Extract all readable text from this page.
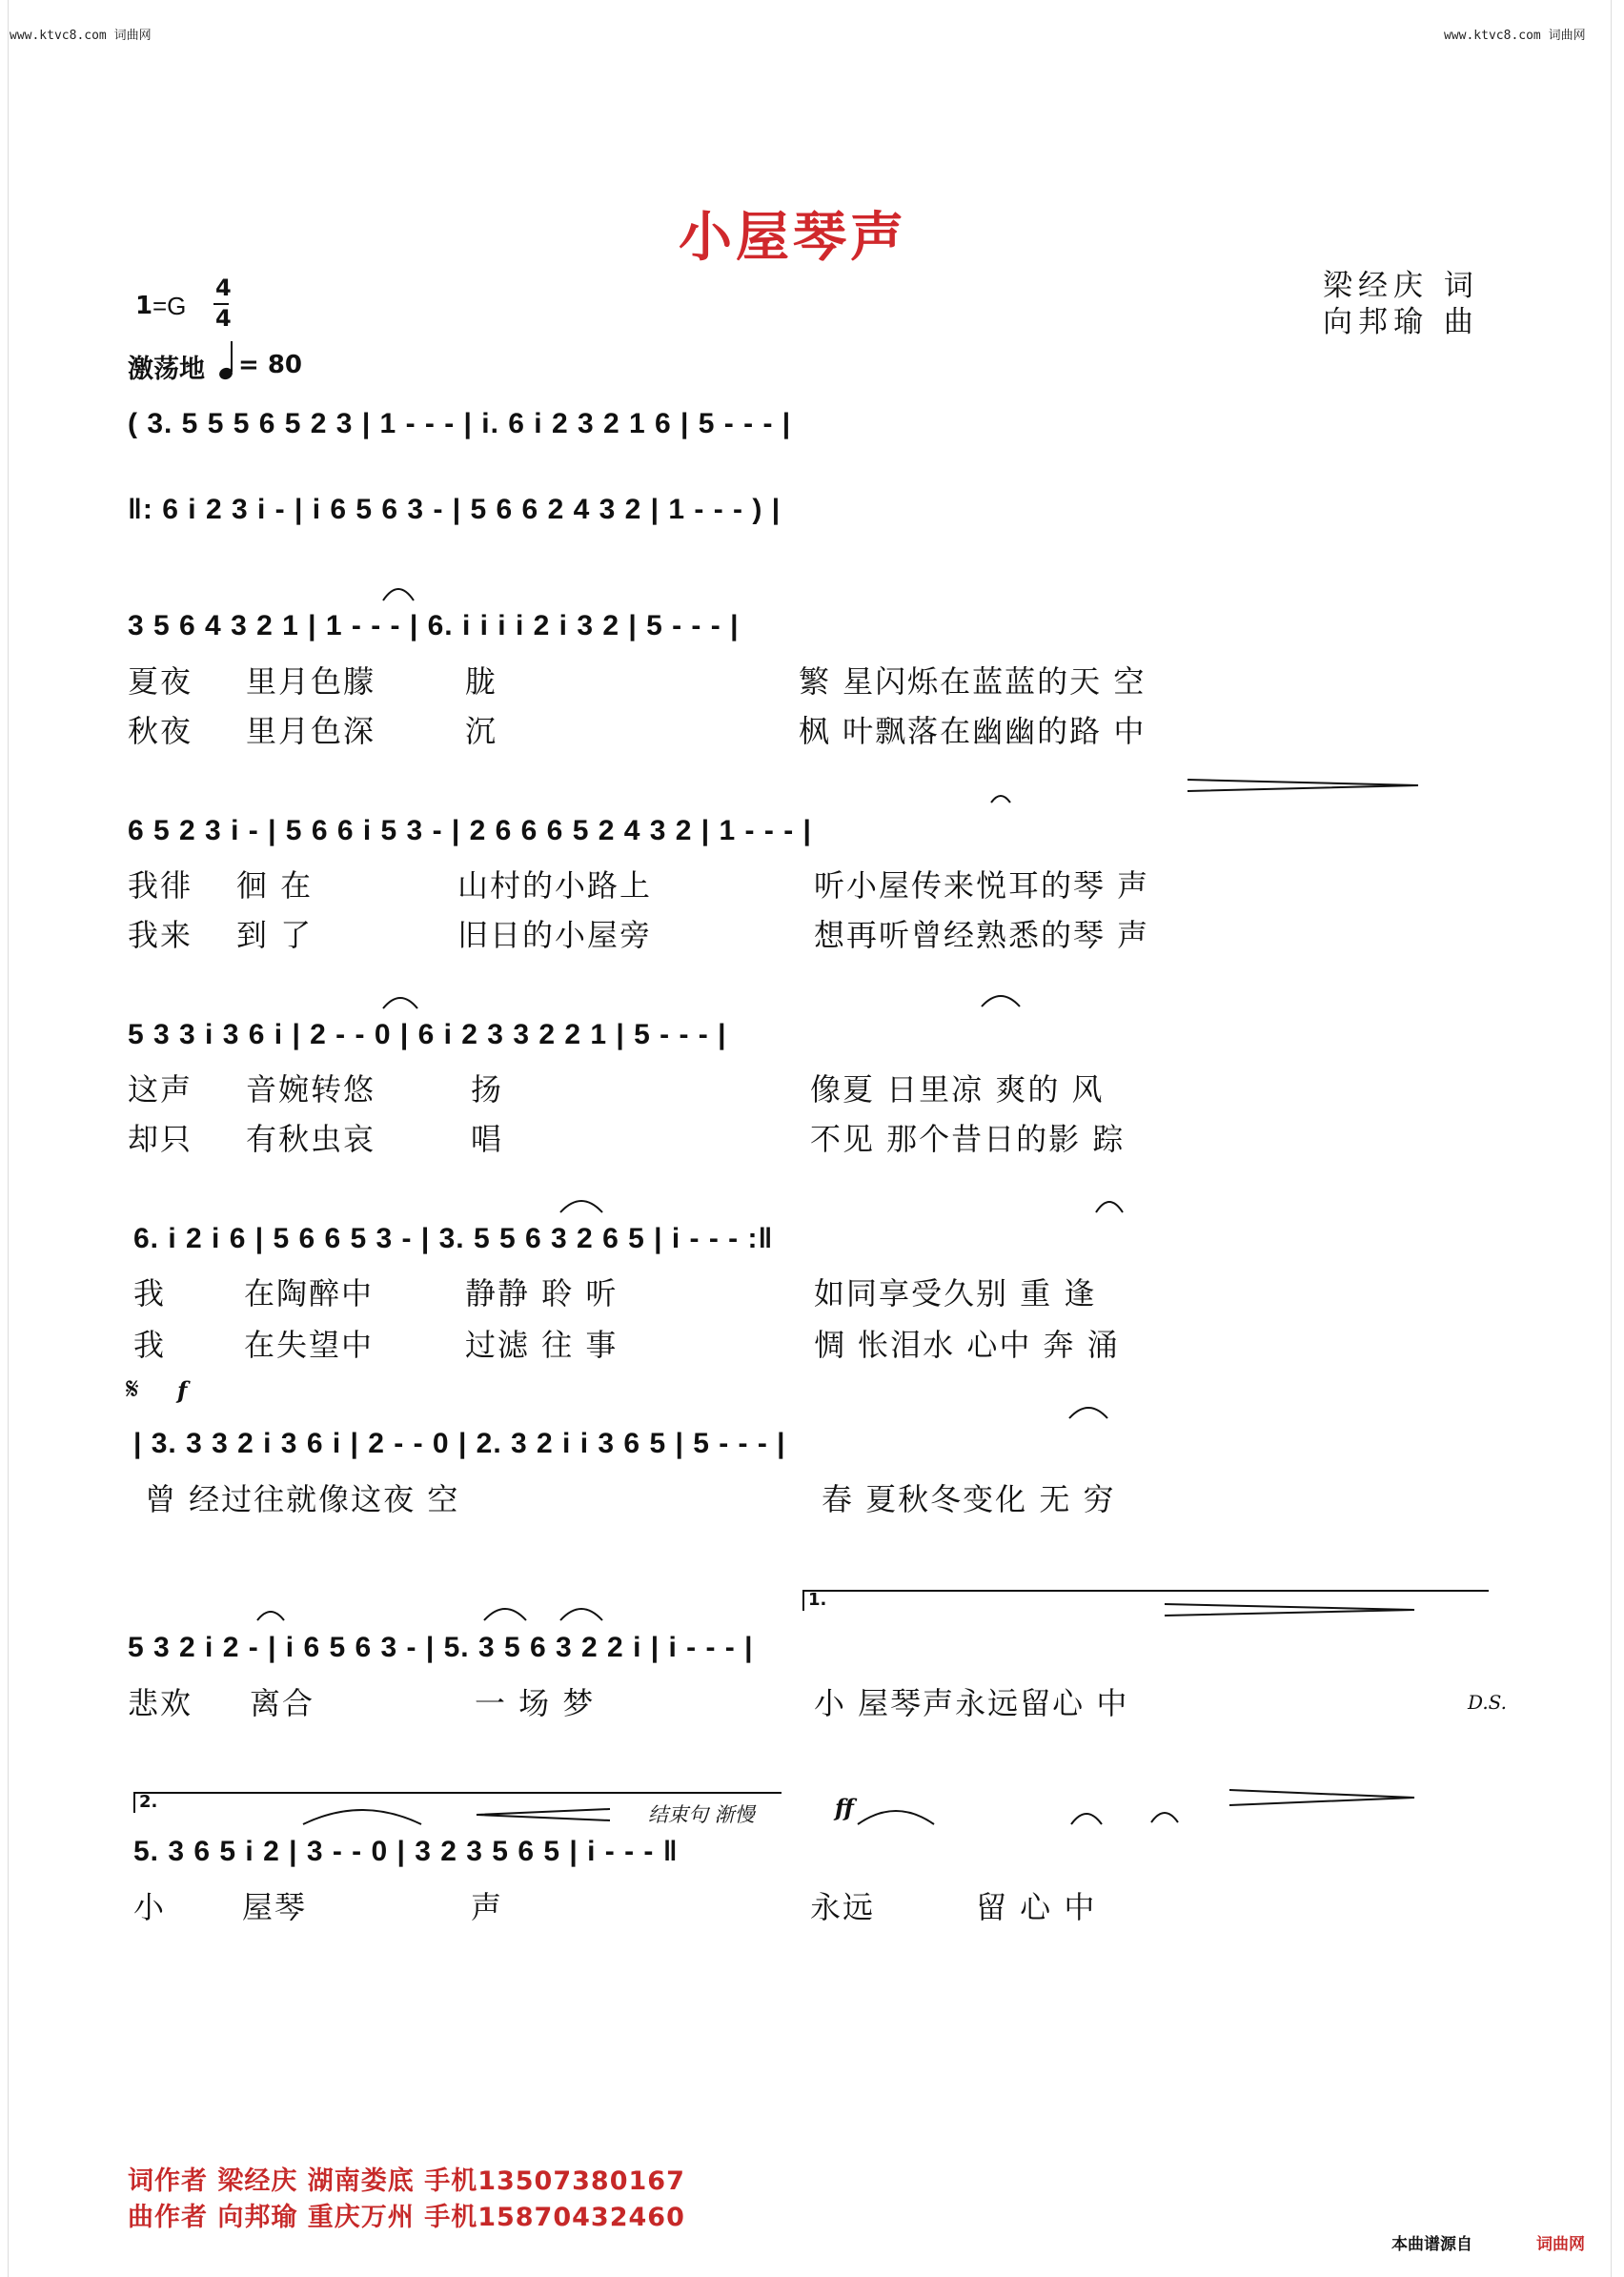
www.ktvc8.com 词曲网	www.ktvc8.com 词曲网
小屋琴声
梁经庆 词
向邦瑜 曲
1 =G
4
4
激荡地 = 80
( 3. 5 5 5 6 5 2 3 | 1 - - - | i. 6 i 2 3 2 1 6 | 5 - - - |
‖: 6 i 2 3 i - | i 6 5 6 3 - | 5 6 6 2 4 3 2 | 1 - - - ) |
3 5 6 4 3 2 1 | 1 - - - | 6. i i i i 2 i 3 2 | 5 - - - |
夏夜 里月色朦	胧	繁 星闪烁在蓝蓝的天 空
秋夜 里月色深	沉	枫 叶飘落在幽幽的路 中
6 5 2 3 i - | 5 6 6 i 5 3 - | 2 6 6 6 5 2 4 3 2 | 1 - - - |
我徘 徊 在	山村的小路上	听小屋传来悦耳的琴 声
我来 到 了	旧日的小屋旁	想再听曾经熟悉的琴 声
5 3 3 i 3 6 i | 2 - - 0 | 6 i 2 3 3 2 2 1 | 5 - - - |
这声 音婉转悠	扬	像夏 日里凉 爽的 风
却只 有秋虫哀	唱	不见 那个昔日的影 踪
6. i 2 i 6 | 5 6 6 5 3 - | 3. 5 5 6 3 2 6 5 | i - - - :‖
我	在陶醉中	静静 聆 听	如同享受久别 重 逢
我	在失望中	过滤 往 事	惆 怅泪水 心中 奔 涌
𝄋 f
| 3. 3 3 2 i 3 6 i | 2 - - 0 | 2. 3 2 i i 3 6 5 | 5 - - - |
曾 经过往就像这夜 空	春 夏秋冬变化 无 穷
1.
5 3 2 i 2 - | i 6 5 6 3 - | 5. 3 5 6 3 2 2 i | i - - - |
悲欢 离合	一 场 梦	小 屋琴声永远留心 中	D.S.
2.
结束句 渐慢	ff
5. 3 6 5 i 2 | 3 - - 0 | 3 2 3 5 6 5 | i - - - ‖
小 屋琴	声	永远	留 心 中
词作者 梁经庆 湖南娄底 手机13507380167
曲作者 向邦瑜 重庆万州 手机15870432460
本曲谱源自	词曲网
